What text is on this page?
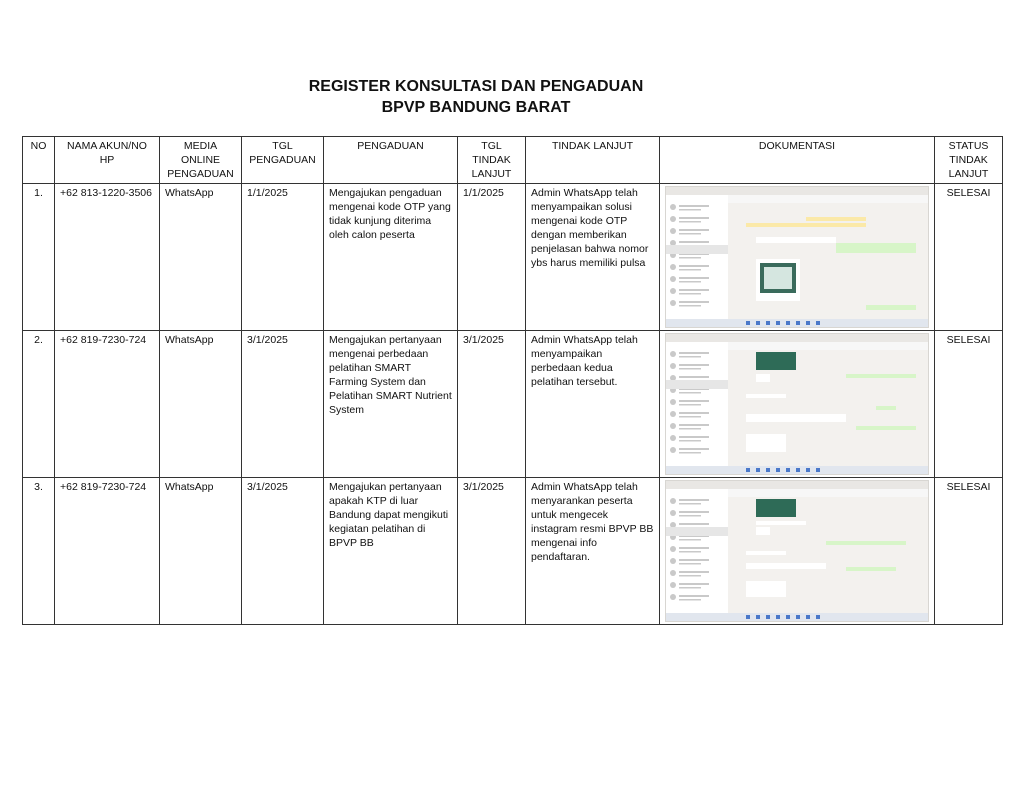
REGISTER KONSULTASI DAN PENGADUAN
BPVP BANDUNG BARAT
NO	NAMA AKUN/NO HP	MEDIA ONLINE PENGADUAN	TGL PENGADUAN	PENGADUAN	TGL TINDAK LANJUT	TINDAK LANJUT	DOKUMENTASI	STATUS TINDAK LANJUT
1.	+62 813-1220-3506	WhatsApp	1/1/2025	Mengajukan pengaduan mengenai kode OTP yang tidak kunjung diterima oleh calon peserta	1/1/2025	Admin WhatsApp telah menyampaikan solusi mengenai kode OTP dengan memberikan penjelasan bahwa nomor ybs harus memiliki pulsa		SELESAI
2.	+62 819-7230-724	WhatsApp	3/1/2025	Mengajukan pertanyaan mengenai perbedaan pelatihan SMART Farming System dan Pelatihan SMART Nutrient System	3/1/2025	Admin WhatsApp telah menyampaikan perbedaan kedua pelatihan tersebut.		SELESAI
3.	+62 819-7230-724	WhatsApp	3/1/2025	Mengajukan pertanyaan apakah KTP di luar Bandung dapat mengikuti kegiatan pelatihan di BPVP BB	3/1/2025	Admin WhatsApp telah menyarankan peserta untuk mengecek instagram resmi BPVP BB mengenai info pendaftaran.		SELESAI
